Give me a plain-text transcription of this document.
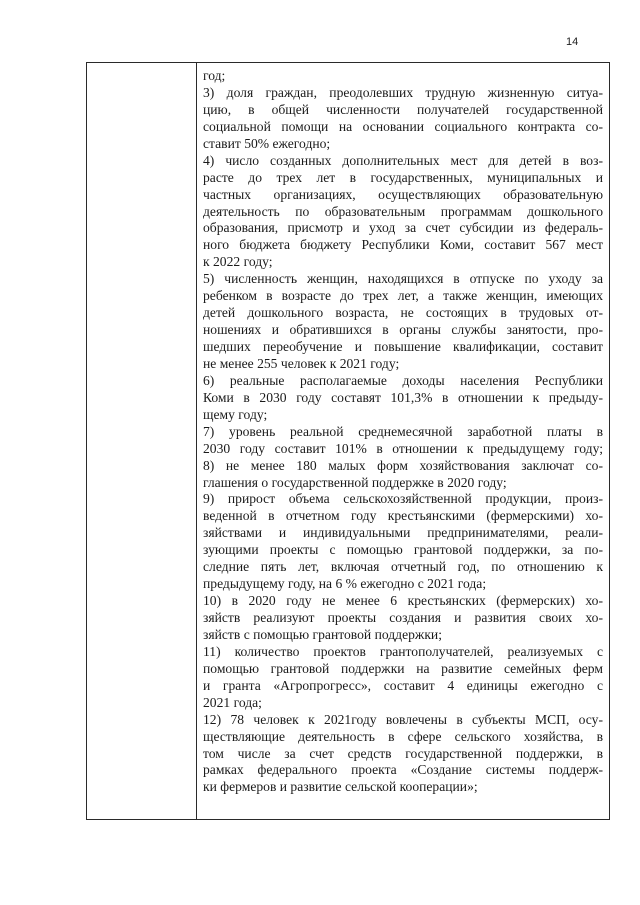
14
год;
3) доля граждан, преодолевших трудную жизненную ситуа-
цию, в общей численности получателей государственной
социальной помощи на основании социального контракта со-
ставит 50% ежегодно;
4) число созданных дополнительных мест для детей в воз-
расте до трех лет в государственных, муниципальных и
частных организациях, осуществляющих образовательную
деятельность по образовательным программам дошкольного
образования, присмотр и уход за счет субсидии из федераль-
ного бюджета бюджету Республики Коми, составит 567 мест
к 2022 году;
5) численность женщин, находящихся в отпуске по уходу за
ребенком в возрасте до трех лет, а также женщин, имеющих
детей дошкольного возраста, не состоящих в трудовых от-
ношениях и обратившихся в органы службы занятости, про-
шедших переобучение и повышение квалификации, составит
не менее 255 человек к 2021 году;
6) реальные располагаемые доходы населения Республики
Коми в 2030 году составят 101,3% в отношении к предыду-
щему году;
7) уровень реальной среднемесячной заработной платы в
2030 году составит 101% в отношении к предыдущему году;
8) не менее 180 малых форм хозяйствования заключат со-
глашения о государственной поддержке в 2020 году;
9) прирост объема сельскохозяйственной продукции, произ-
веденной в отчетном году крестьянскими (фермерскими) хо-
зяйствами и индивидуальными предпринимателями, реали-
зующими проекты с помощью грантовой поддержки, за по-
следние пять лет, включая отчетный год, по отношению к
предыдущему году, на 6 % ежегодно с 2021 года;
10) в 2020 году не менее 6 крестьянских (фермерских) хо-
зяйств реализуют проекты создания и развития своих хо-
зяйств с помощью грантовой поддержки;
11) количество проектов грантополучателей, реализуемых с
помощью грантовой поддержки на развитие семейных ферм
и гранта «Агропрогресс», составит 4 единицы ежегодно с
2021 года;
12) 78 человек к 2021году вовлечены в субъекты МСП, осу-
ществляющие деятельность в сфере сельского хозяйства, в
том числе за счет средств государственной поддержки, в
рамках федерального проекта «Создание системы поддерж-
ки фермеров и развитие сельской кооперации»;
